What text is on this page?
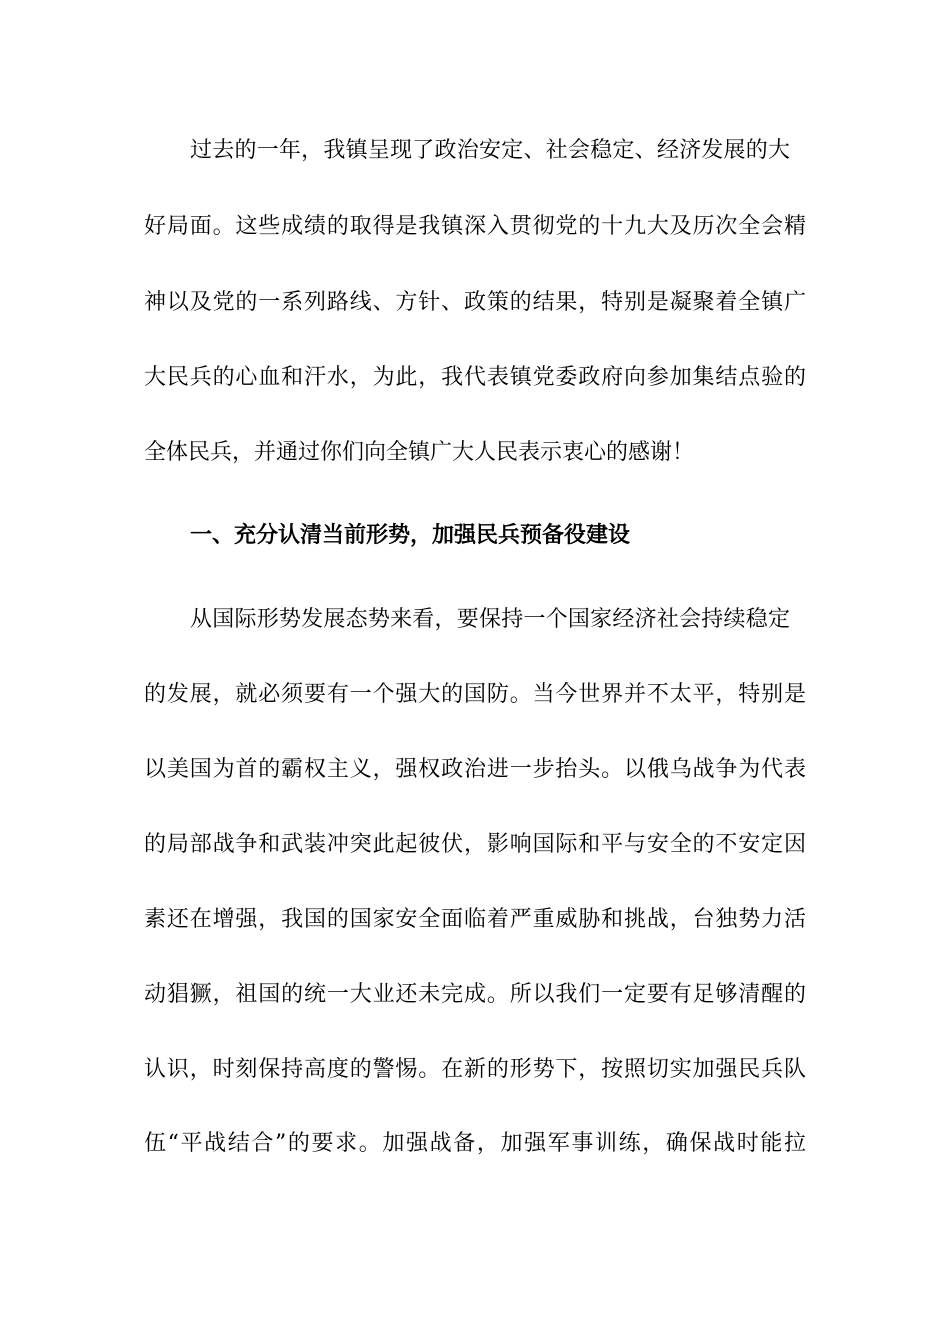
过去的一年，我镇呈现了政治安定、社会稳定、经济发展的大
好局面。这些成绩的取得是我镇深入贯彻党的十九大及历次全会精
神以及党的一系列路线、方针、政策的结果，特别是凝聚着全镇广
大民兵的心血和汗水，为此，我代表镇党委政府向参加集结点验的
全体民兵，并通过你们向全镇广大人民表示衷心的感谢！
一、充分认清当前形势，加强民兵预备役建设
从国际形势发展态势来看，要保持一个国家经济社会持续稳定
的发展，就必须要有一个强大的国防。当今世界并不太平，特别是
以美国为首的霸权主义，强权政治进一步抬头。以俄乌战争为代表
的局部战争和武装冲突此起彼伏，影响国际和平与安全的不安定因
素还在增强，我国的国家安全面临着严重威胁和挑战，台独势力活
动猖獗，祖国的统一大业还未完成。所以我们一定要有足够清醒的
认识，时刻保持高度的警惕。在新的形势下，按照切实加强民兵队
伍“平战结合”的要求。加强战备，加强军事训练，确保战时能拉
